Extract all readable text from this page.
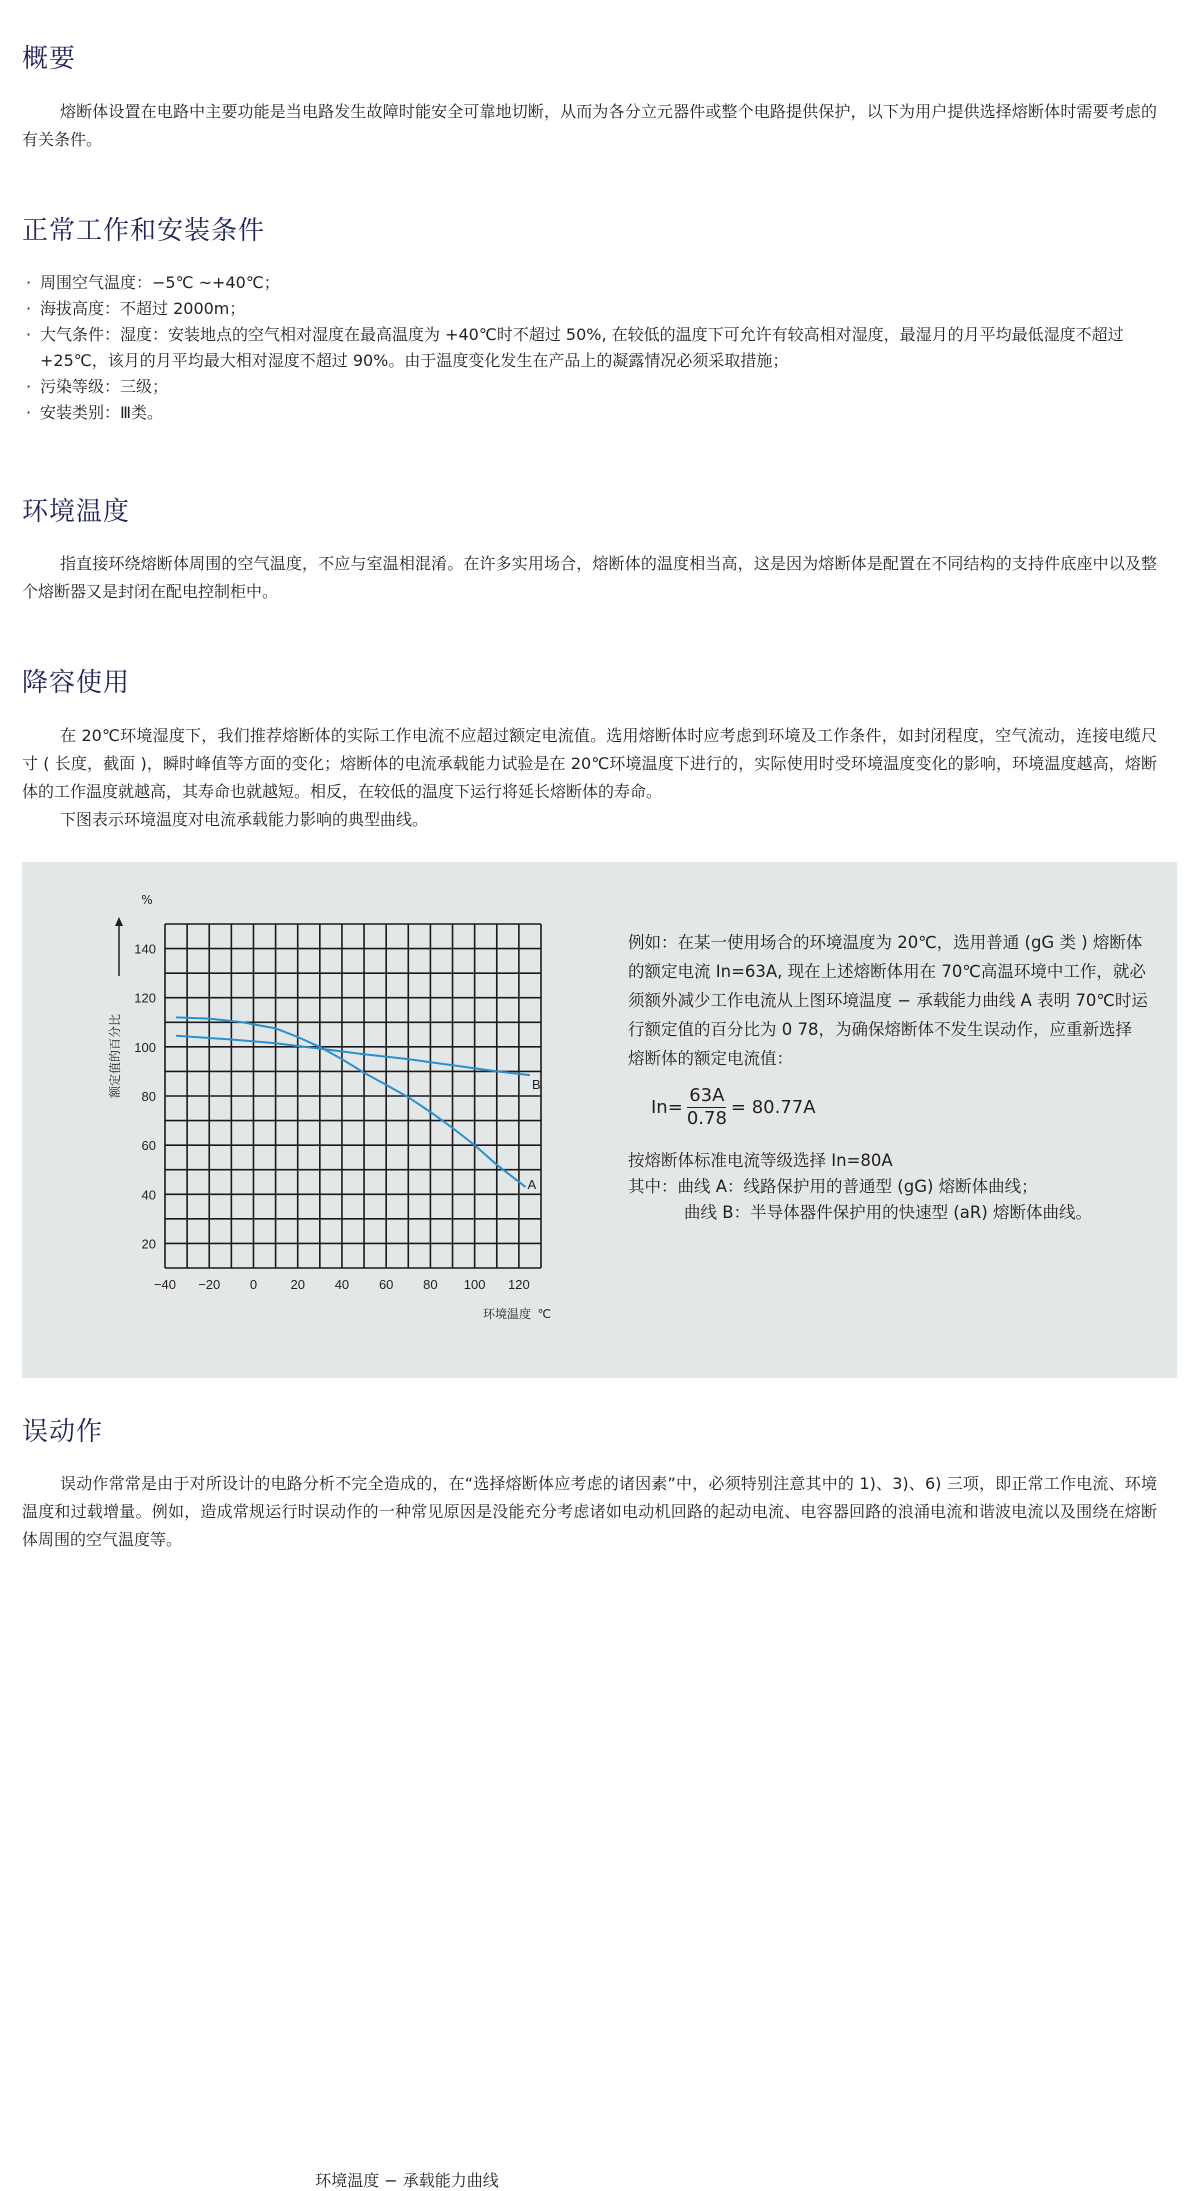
概要

熔断体设置在电路中主要功能是当电路发生故障时能安全可靠地切断，从而为各分立元器件或整个电路提供保护，以下为用户提供选择熔断体时需要考虑的有关条件。

正常工作和安装条件
· 周围空气温度：−5℃ ~+40℃；
· 海拔高度：不超过 2000m；
· 大气条件：湿度：安装地点的空气相对湿度在最高温度为 +40℃时不超过 50%, 在较低的温度下可允许有较高相对湿度，最湿月的月平均最低湿度不超过 +25℃，该月的月平均最大相对湿度不超过 90%。由于温度变化发生在产品上的凝露情况必须采取措施；
· 污染等级：三级；
· 安装类别：Ⅲ类。
环境温度

指直接环绕熔断体周围的空气温度，不应与室温相混淆。在许多实用场合，熔断体的温度相当高，这是因为熔断体是配置在不同结构的支持件底座中以及整个熔断器又是封闭在配电控制柜中。

降容使用

在 20℃环境湿度下，我们推荐熔断体的实际工作电流不应超过额定电流值。选用熔断体时应考虑到环境及工作条件，如封闭程度，空气流动，连接电缆尺寸 ( 长度，截面 )，瞬时峰值等方面的变化；熔断体的电流承载能力试验是在 20℃环境温度下进行的，实际使用时受环境温度变化的影响，环境温度越高，熔断体的工作温度就越高，其寿命也就越短。相反，在较低的温度下运行将延长熔断体的寿命。

下图表示环境温度对电流承载能力影响的典型曲线。

−40 −20 0	20 40 60 80 100 120
20
40
60
80
100
120
140
%
环境温度 ℃
额定值的百分比
A
B
环境温度 − 承载能力曲线

例如：在某一使用场合的环境温度为 20℃，选用普通 (gG 类 ) 熔断体的额定电流 In=63A, 现在上述熔断体用在 70℃高温环境中工作，就必须额外减少工作电流从上图环境温度 − 承载能力曲线 A 表明 70℃时运行额定值的百分比为 0 78，为确保熔断体不发生误动作，应重新选择熔断体的额定电流值：

$In= \frac{63A}{0.78} = 80.77A$
按熔断体标准电流等级选择 In=80A
其中：曲线 A：线路保护用的普通型 (gG) 熔断体曲线；
曲线 B：半导体器件保护用的快速型 (aR) 熔断体曲线。
误动作

误动作常常是由于对所设计的电路分析不完全造成的，在“选择熔断体应考虑的诸因素”中，必须特别注意其中的 1)、3)、6) 三项，即正常工作电流、环境温度和过载增量。例如，造成常规运行时误动作的一种常见原因是没能充分考虑诸如电动机回路的起动电流、电容器回路的浪涌电流和谐波电流以及围绕在熔断体周围的空气温度等。
